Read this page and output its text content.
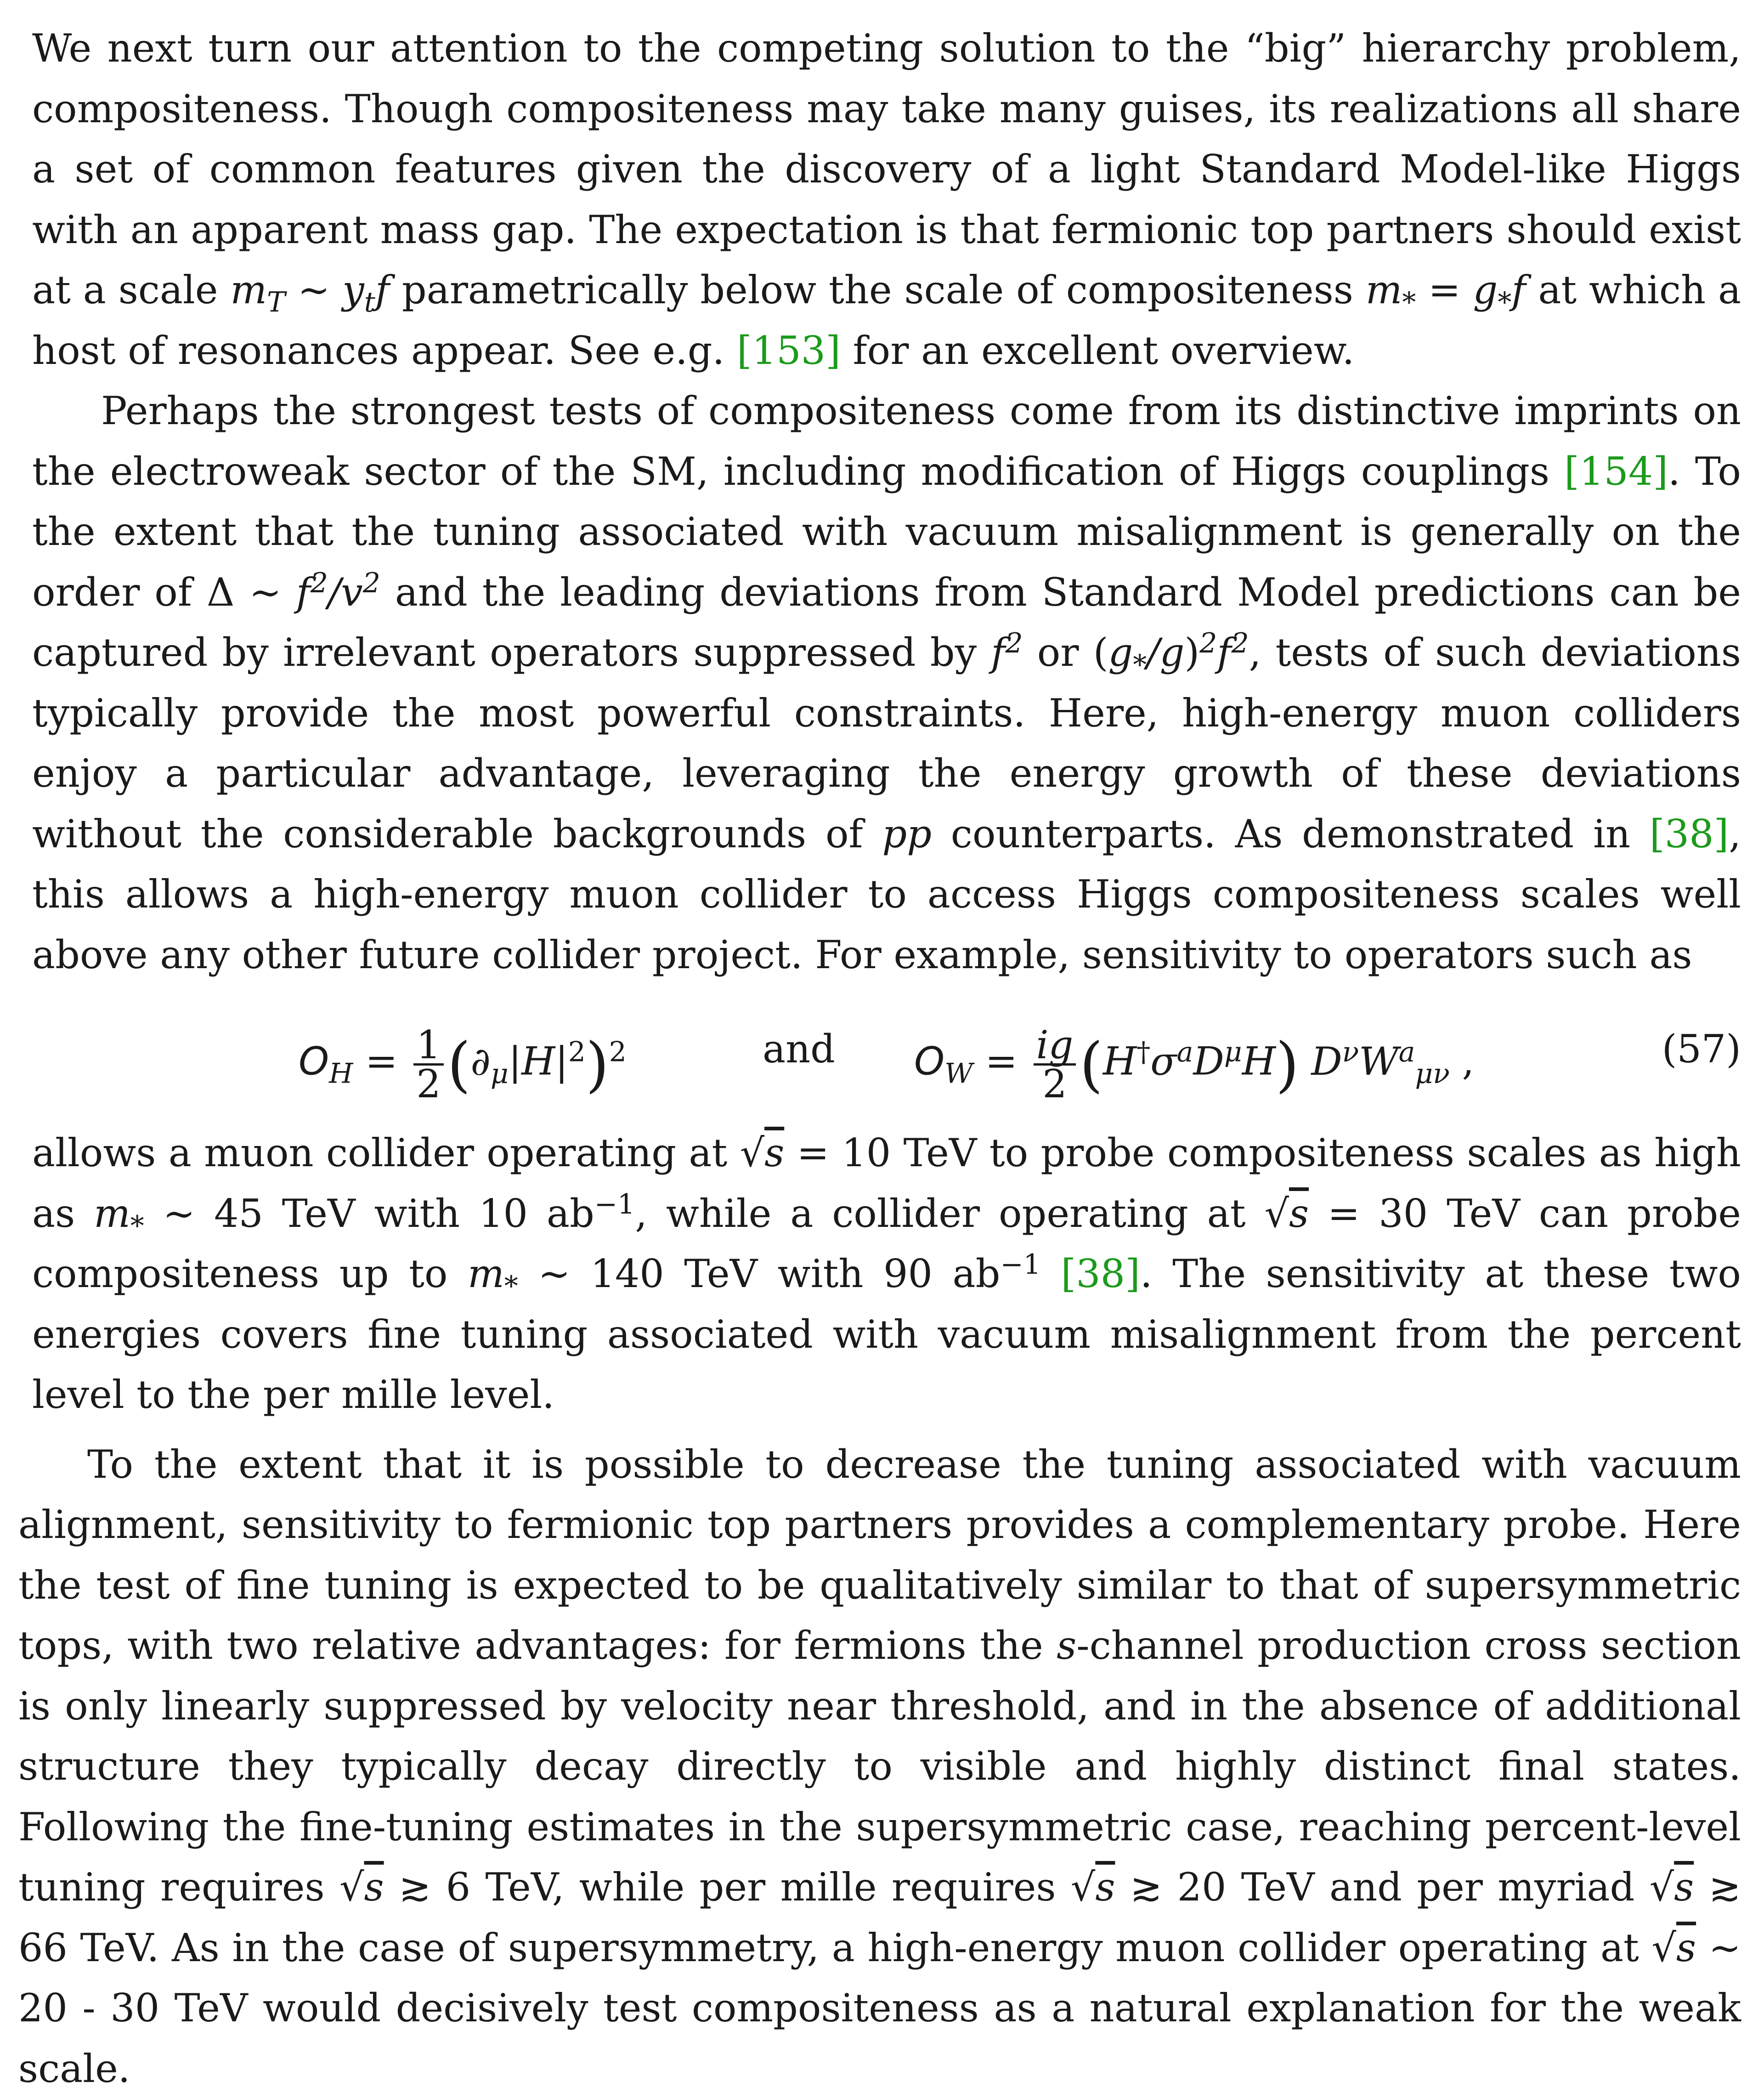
We next turn our attention to the competing solution to the “big” hierarchy problem, compositeness. Though compositeness may take many guises, its realizations all share a set of common features given the discovery of a light Standard Model-like Higgs with an apparent mass gap. The expectation is that fermionic top partners should exist at a scale $m_T$ ∼ $y_tf$ parametrically below the scale of compositeness $m_* = g_*f$ at which a host of resonances appear. See e.g. [153] for an excellent overview.

Perhaps the strongest tests of compositeness come from its distinctive imprints on the electroweak sector of the SM, including modification of Higgs couplings [154]. To the extent that the tuning associated with vacuum misalignment is generally on the order of Δ ∼ $f^2/v^2$ and the leading deviations from Standard Model predictions can be captured by irrelevant operators suppressed by $f^2$ or $(g_*/g)^2f^2$, tests of such deviations typically provide the most powerful constraints. Here, high-energy muon colliders enjoy a particular advantage, leveraging the energy growth of these deviations without the considerable backgrounds of pp counterparts. As demonstrated in [38], this allows a high-energy muon collider to access Higgs compositeness scales well above any other future collider project. For example, sensitivity to operators such as

$O_H = \frac{1}{2} (\partial_\mu|H|^2)^2$	and $O_W = \frac{ig}{2} (H^\dagger\sigma^aD^\mu H)$ $D^\nu W^a_{\mu\nu}$ ,	(57)

allows a muon collider operating at √s = 10 TeV to probe compositeness scales as high as $m_*$ ∼ 45 TeV with 10 $ab^{-1}$, while a collider operating at √s = 30 TeV can probe compositeness up to $m_*$ ∼ 140 TeV with 90 $ab^{-1}$ [38]. The sensitivity at these two energies covers fine tuning associated with vacuum misalignment from the percent level to the per mille level.

To the extent that it is possible to decrease the tuning associated with vacuum alignment, sensitivity to fermionic top partners provides a complementary probe. Here the test of fine tuning is expected to be qualitatively similar to that of supersymmetric tops, with two relative advantages: for fermions the s-channel production cross section is only linearly suppressed by velocity near threshold, and in the absence of additional structure they typically decay directly to visible and highly distinct final states. Following the fine-tuning estimates in the supersymmetric case, reaching percent-level tuning requires √s ≳ 6 TeV, while per mille requires √s ≳ 20 TeV and per myriad √s ≳ 66 TeV. As in the case of supersymmetry, a high-energy muon collider operating at √s ∼ 20 - 30 TeV would decisively test compositeness as a natural explanation for the weak scale.
